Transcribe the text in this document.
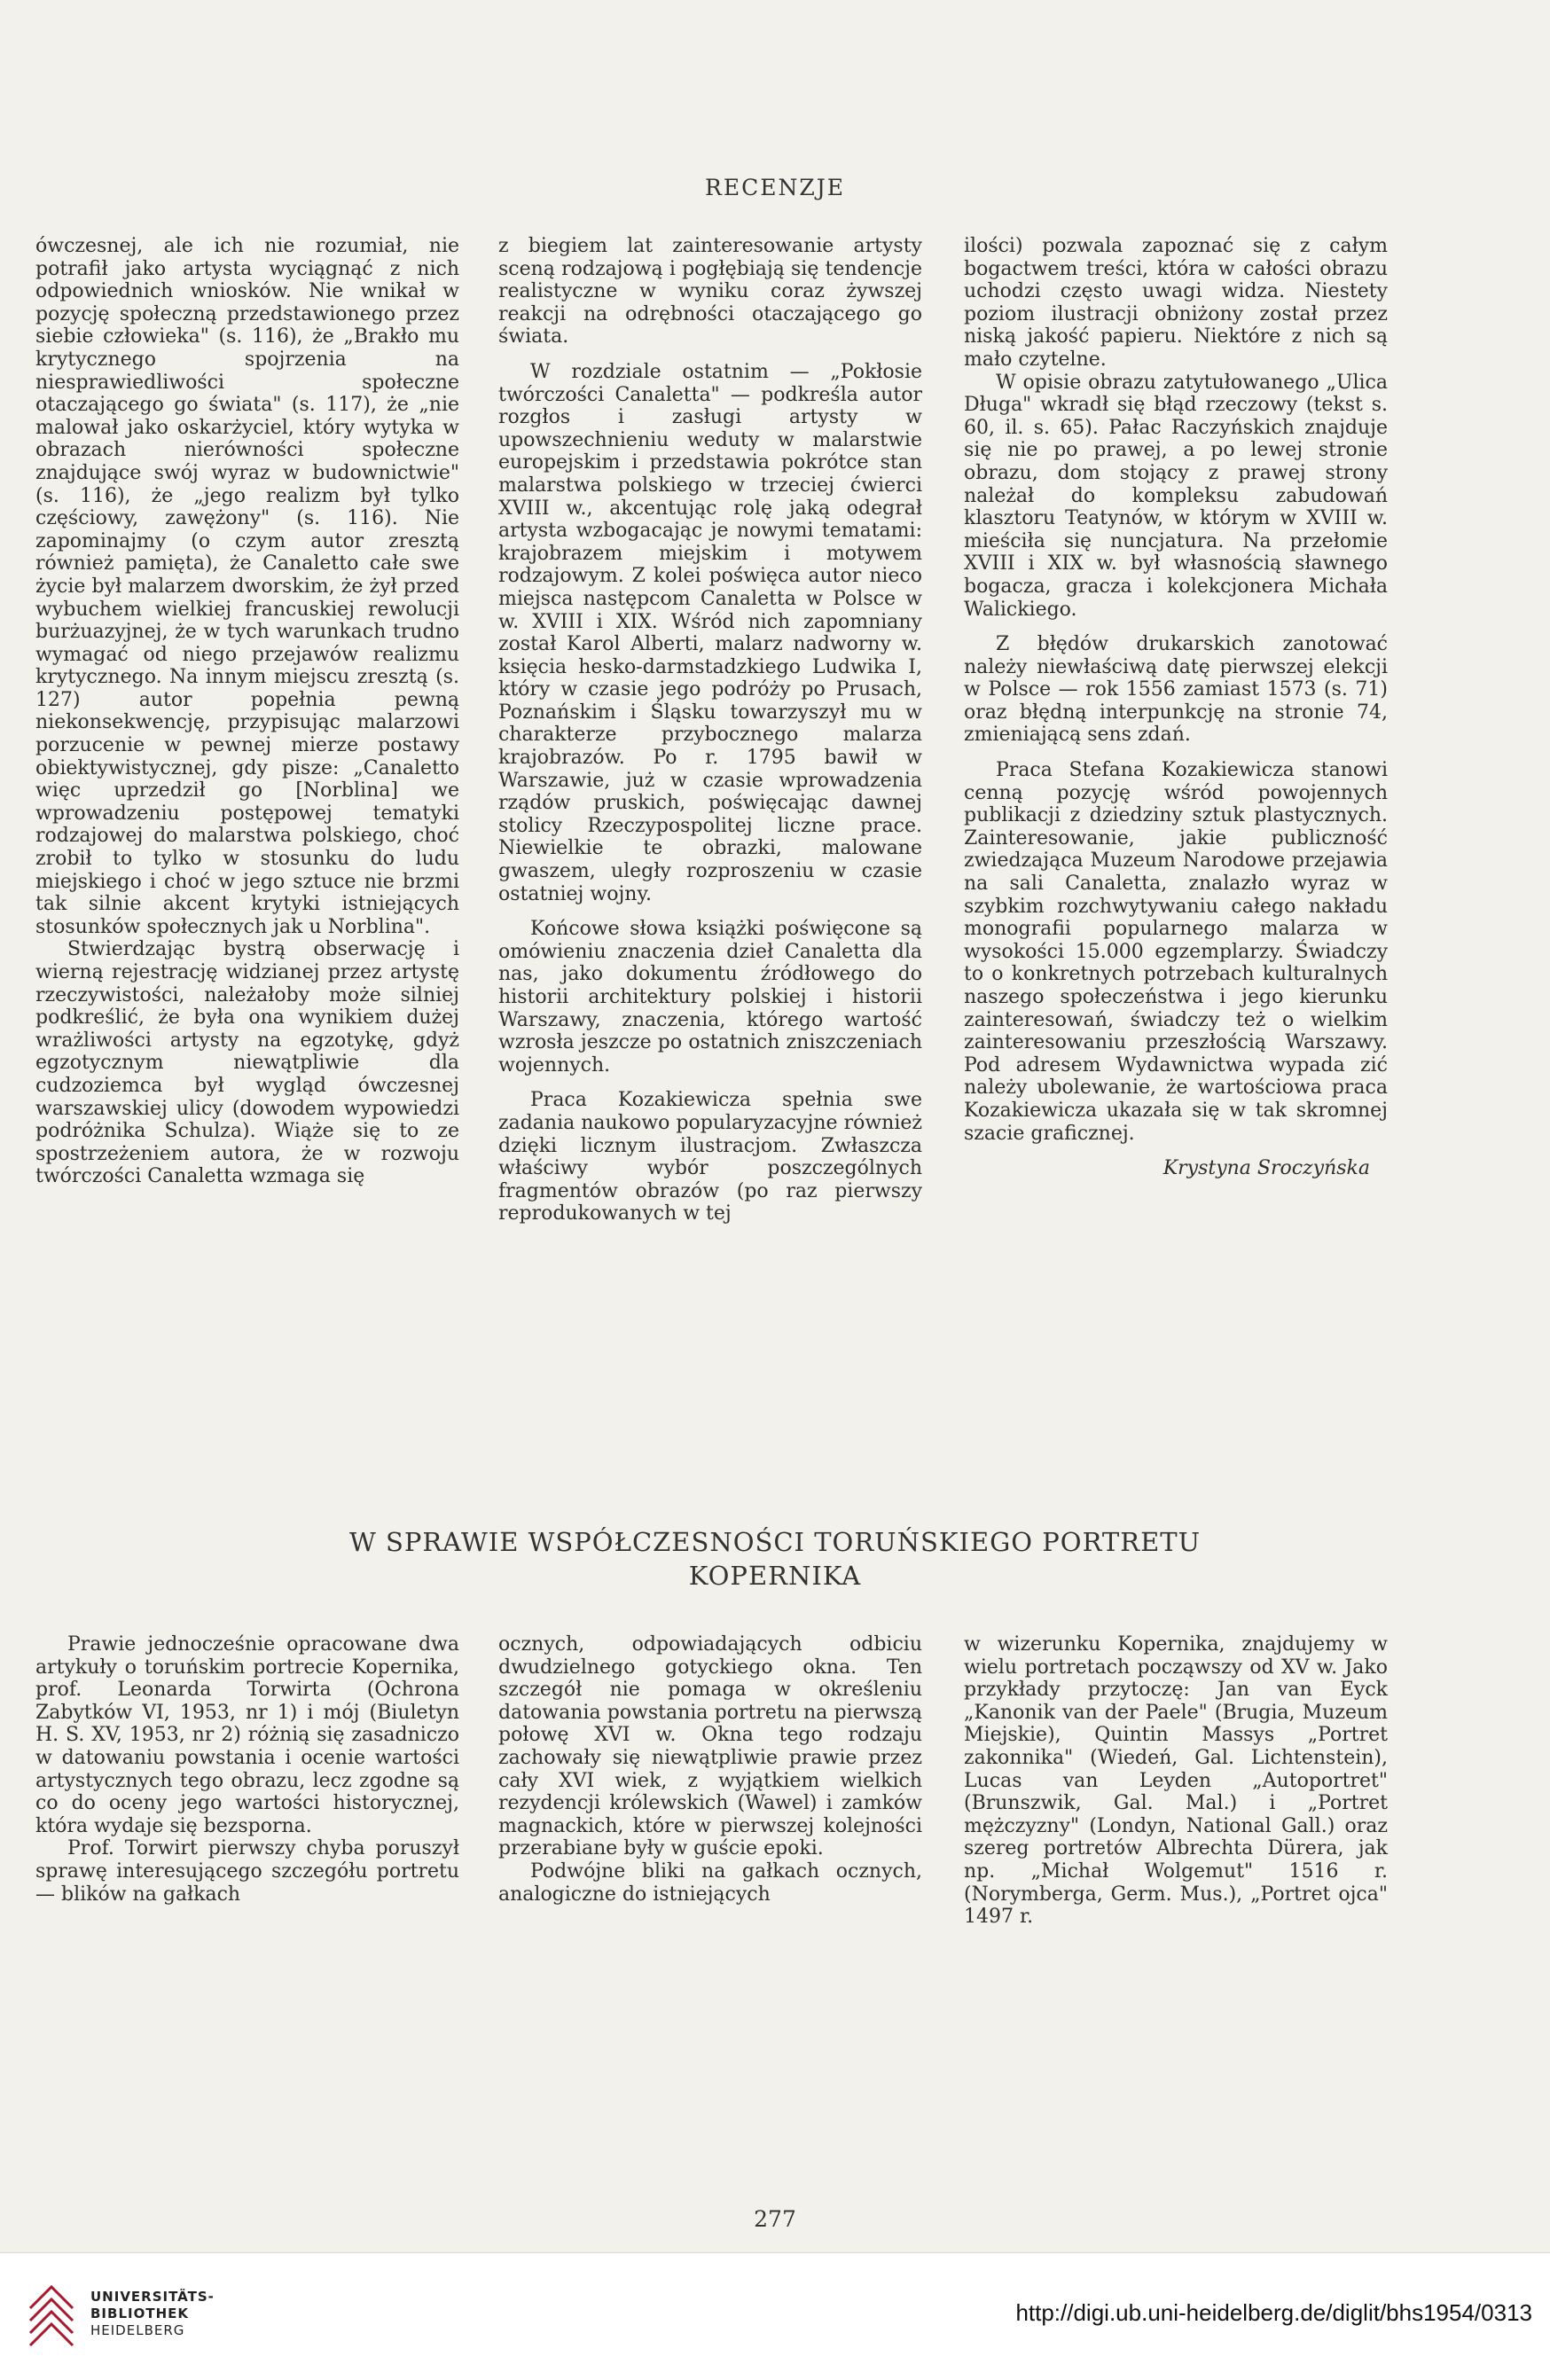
RECENZJE

ówczesnej, ale ich nie rozumiał, nie potrafił jako artysta wyciągnąć z nich odpowiednich wniosków. Nie wnikał w pozycję społeczną przedstawionego przez siebie człowieka" (s. 116), że „Brakło mu krytycznego spojrzenia na niesprawiedliwości społeczne otaczającego go świata" (s. 117), że „nie malował jako oskarżyciel, który wytyka w obrazach nierówności społeczne znajdujące swój wyraz w budownictwie" (s. 116), że „jego realizm był tylko częściowy, zawężony" (s. 116). Nie zapominajmy (o czym autor zresztą również pamięta), że Canaletto całe swe życie był malarzem dworskim, że żył przed wybuchem wielkiej francuskiej rewolucji burżuazyjnej, że w tych warunkach trudno wymagać od niego przejawów realizmu krytycznego. Na innym miejscu zresztą (s. 127) autor popełnia pewną niekonsekwencję, przypisując malarzowi porzucenie w pewnej mierze postawy obiektywistycznej, gdy pisze: „Canaletto więc uprzedził go [Norblina] we wprowadzeniu postępowej tematyki rodzajowej do malarstwa polskiego, choć zrobił to tylko w stosunku do ludu miejskiego i choć w jego sztuce nie brzmi tak silnie akcent krytyki istniejących stosunków społecznych jak u Norblina".

Stwierdzając bystrą obserwację i wierną rejestrację widzianej przez artystę rzeczywistości, należałoby może silniej podkreślić, że była ona wynikiem dużej wrażliwości artysty na egzotykę, gdyż egzotycznym niewątpliwie dla cudzoziemca był wygląd ówczesnej warszawskiej ulicy (dowodem wypowiedzi podróżnika Schulza). Wiąże się to ze spostrzeżeniem autora, że w rozwoju twórczości Canaletta wzmaga się

z biegiem lat zainteresowanie artysty sceną rodzajową i pogłębiają się tendencje realistyczne w wyniku coraz żywszej reakcji na odrębności otaczającego go świata.

W rozdziale ostatnim — „Pokłosie twórczości Canaletta" — podkreśla autor rozgłos i zasługi artysty w upowszechnieniu weduty w malarstwie europejskim i przedstawia pokrótce stan malarstwa polskiego w trzeciej ćwierci XVIII w., akcentując rolę jaką odegrał artysta wzbogacając je nowymi tematami: krajobrazem miejskim i motywem rodzajowym. Z kolei poświęca autor nieco miejsca następcom Canaletta w Polsce w w. XVIII i XIX. Wśród nich zapomniany został Karol Alberti, malarz nadworny w. księcia hesko-darmstadzkiego Ludwika I, który w czasie jego podróży po Prusach, Poznańskim i Śląsku towarzyszył mu w charakterze przybocznego malarza krajobrazów. Po r. 1795 bawił w Warszawie, już w czasie wprowadzenia rządów pruskich, poświęcając dawnej stolicy Rzeczypospolitej liczne prace. Niewielkie te obrazki, malowane gwaszem, uległy rozproszeniu w czasie ostatniej wojny.

Końcowe słowa książki poświęcone są omówieniu znaczenia dzieł Canaletta dla nas, jako dokumentu źródłowego do historii architektury polskiej i historii Warszawy, znaczenia, którego wartość wzrosła jeszcze po ostatnich zniszczeniach wojennych.

Praca Kozakiewicza spełnia swe zadania naukowo popularyzacyjne również dzięki licznym ilustracjom. Zwłaszcza właściwy wybór poszczególnych fragmentów obrazów (po raz pierwszy reprodukowanych w tej

ilości) pozwala zapoznać się z całym bogactwem treści, która w całości obrazu uchodzi często uwagi widza. Niestety poziom ilustracji obniżony został przez niską jakość papieru. Niektóre z nich są mało czytelne.

W opisie obrazu zatytułowanego „Ulica Długa" wkradł się błąd rzeczowy (tekst s. 60, il. s. 65). Pałac Raczyńskich znajduje się nie po prawej, a po lewej stronie obrazu, dom stojący z prawej strony należał do kompleksu zabudowań klasztoru Teatynów, w którym w XVIII w. mieściła się nuncjatura. Na przełomie XVIII i XIX w. był własnością sławnego bogacza, gracza i kolekcjonera Michała Walickiego.

Z błędów drukarskich zanotować należy niewłaściwą datę pierwszej elekcji w Polsce — rok 1556 zamiast 1573 (s. 71) oraz błędną interpunkcję na stronie 74, zmieniającą sens zdań.

Praca Stefana Kozakiewicza stanowi cenną pozycję wśród powojennych publikacji z dziedziny sztuk plastycznych. Zainteresowanie, jakie publiczność zwiedzająca Muzeum Narodowe przejawia na sali Canaletta, znalazło wyraz w szybkim rozchwytywaniu całego nakładu monografii popularnego malarza w wysokości 15.000 egzemplarzy. Świadczy to o konkretnych potrzebach kulturalnych naszego społeczeństwa i jego kierunku zainteresowań, świadczy też o wielkim zainteresowaniu przeszłością Warszawy. Pod adresem Wydawnictwa wypada zić należy ubolewanie, że wartościowa praca Kozakiewicza ukazała się w tak skromnej szacie graficznej.

Krystyna Sroczyńska
W SPRAWIE WSPÓŁCZESNOŚCI TORUŃSKIEGO PORTRETU
KOPERNIKA

Prawie jednocześnie opracowane dwa artykuły o toruńskim portrecie Kopernika, prof. Leonarda Torwirta (Ochrona Zabytków VI, 1953, nr 1) i mój (Biuletyn H. S. XV, 1953, nr 2) różnią się zasadniczo w datowaniu powstania i ocenie wartości artystycznych tego obrazu, lecz zgodne są co do oceny jego wartości historycznej, która wydaje się bezsporna.

Prof. Torwirt pierwszy chyba poruszył sprawę interesującego szczegółu portretu — blików na gałkach

ocznych, odpowiadających odbiciu dwudzielnego gotyckiego okna. Ten szczegół nie pomaga w określeniu datowania powstania portretu na pierwszą połowę XVI w. Okna tego rodzaju zachowały się niewątpliwie prawie przez cały XVI wiek, z wyjątkiem wielkich rezydencji królewskich (Wawel) i zamków magnackich, które w pierwszej kolejności przerabiane były w guście epoki.

Podwójne bliki na gałkach ocznych, analogiczne do istniejących

w wizerunku Kopernika, znajdujemy w wielu portretach począwszy od XV w. Jako przykłady przytoczę: Jan van Eyck „Kanonik van der Paele" (Brugia, Muzeum Miejskie), Quintin Massys „Portret zakonnika" (Wiedeń, Gal. Lichtenstein), Lucas van Leyden „Autoportret" (Brunszwik, Gal. Mal.) i „Portret mężczyzny" (Londyn, National Gall.) oraz szereg portretów Albrechta Dürera, jak np. „Michał Wolgemut" 1516 r. (Norymberga, Germ. Mus.), „Portret ojca" 1497 r.

277
UNIVERSITÄTS-
BIBLIOTHEK
HEIDELBERG
http://digi.ub.uni-heidelberg.de/diglit/bhs1954/0313
